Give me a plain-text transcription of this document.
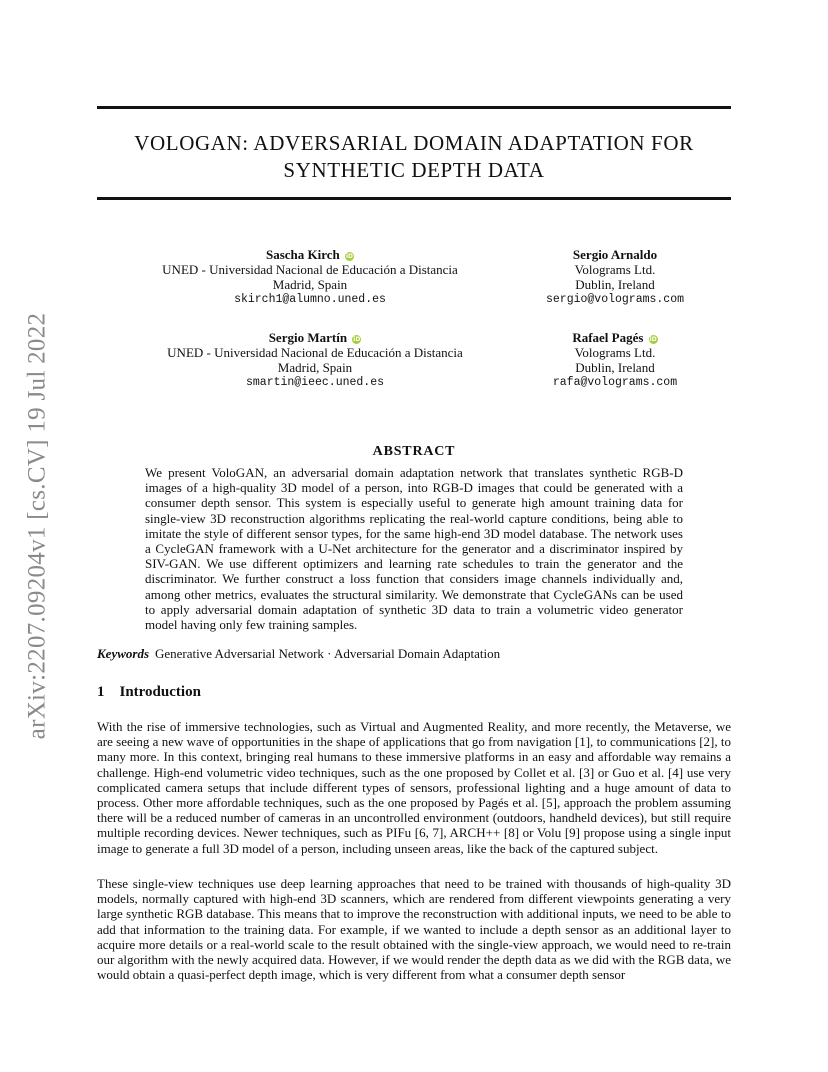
arXiv:2207.09204v1 [cs.CV] 19 Jul 2022
VOLOGAN: ADVERSARIAL DOMAIN ADAPTATION FOR
SYNTHETIC DEPTH DATA
Sascha Kirch iD
UNED - Universidad Nacional de Educación a Distancia
Madrid, Spain
skirch1@alumno.uned.es
Sergio Arnaldo
Volograms Ltd.
Dublin, Ireland
sergio@volograms.com
Sergio Martín iD
UNED - Universidad Nacional de Educación a Distancia
Madrid, Spain
smartin@ieec.uned.es
Rafael Pagés iD
Volograms Ltd.
Dublin, Ireland
rafa@volograms.com
ABSTRACT

We present VoloGAN, an adversarial domain adaptation network that translates synthetic RGB-D images of a high-quality 3D model of a person, into RGB-D images that could be generated with a consumer depth sensor. This system is especially useful to generate high amount training data for single-view 3D reconstruction algorithms replicating the real-world capture conditions, being able to imitate the style of different sensor types, for the same high-end 3D model database. The network uses a CycleGAN framework with a U-Net architecture for the generator and a discriminator inspired by SIV-GAN. We use different optimizers and learning rate schedules to train the generator and the discriminator. We further construct a loss function that considers image channels individually and, among other metrics, evaluates the structural similarity. We demonstrate that CycleGANs can be used to apply adversarial domain adaptation of synthetic 3D data to train a volumetric video generator model having only few training samples.

Keywords Generative Adversarial Network · Adversarial Domain Adaptation
1 Introduction

With the rise of immersive technologies, such as Virtual and Augmented Reality, and more recently, the Metaverse, we are seeing a new wave of opportunities in the shape of applications that go from navigation [1], to communications [2], to many more. In this context, bringing real humans to these immersive platforms in an easy and affordable way remains a challenge. High-end volumetric video techniques, such as the one proposed by Collet et al. [3] or Guo et al. [4] use very complicated camera setups that include different types of sensors, professional lighting and a huge amount of data to process. Other more affordable techniques, such as the one proposed by Pagés et al. [5], approach the problem assuming there will be a reduced number of cameras in an uncontrolled environment (outdoors, handheld devices), but still require multiple recording devices. Newer techniques, such as PIFu [6, 7], ARCH++ [8] or Volu [9] propose using a single input image to generate a full 3D model of a person, including unseen areas, like the back of the captured subject.

These single-view techniques use deep learning approaches that need to be trained with thousands of high-quality 3D models, normally captured with high-end 3D scanners, which are rendered from different viewpoints generating a very large synthetic RGB database. This means that to improve the reconstruction with additional inputs, we need to be able to add that information to the training data. For example, if we wanted to include a depth sensor as an additional layer to acquire more details or a real-world scale to the result obtained with the single-view approach, we would need to re-train our algorithm with the newly acquired data. However, if we would render the depth data as we did with the RGB data, we would obtain a quasi-perfect depth image, which is very different from what a consumer depth sensor
